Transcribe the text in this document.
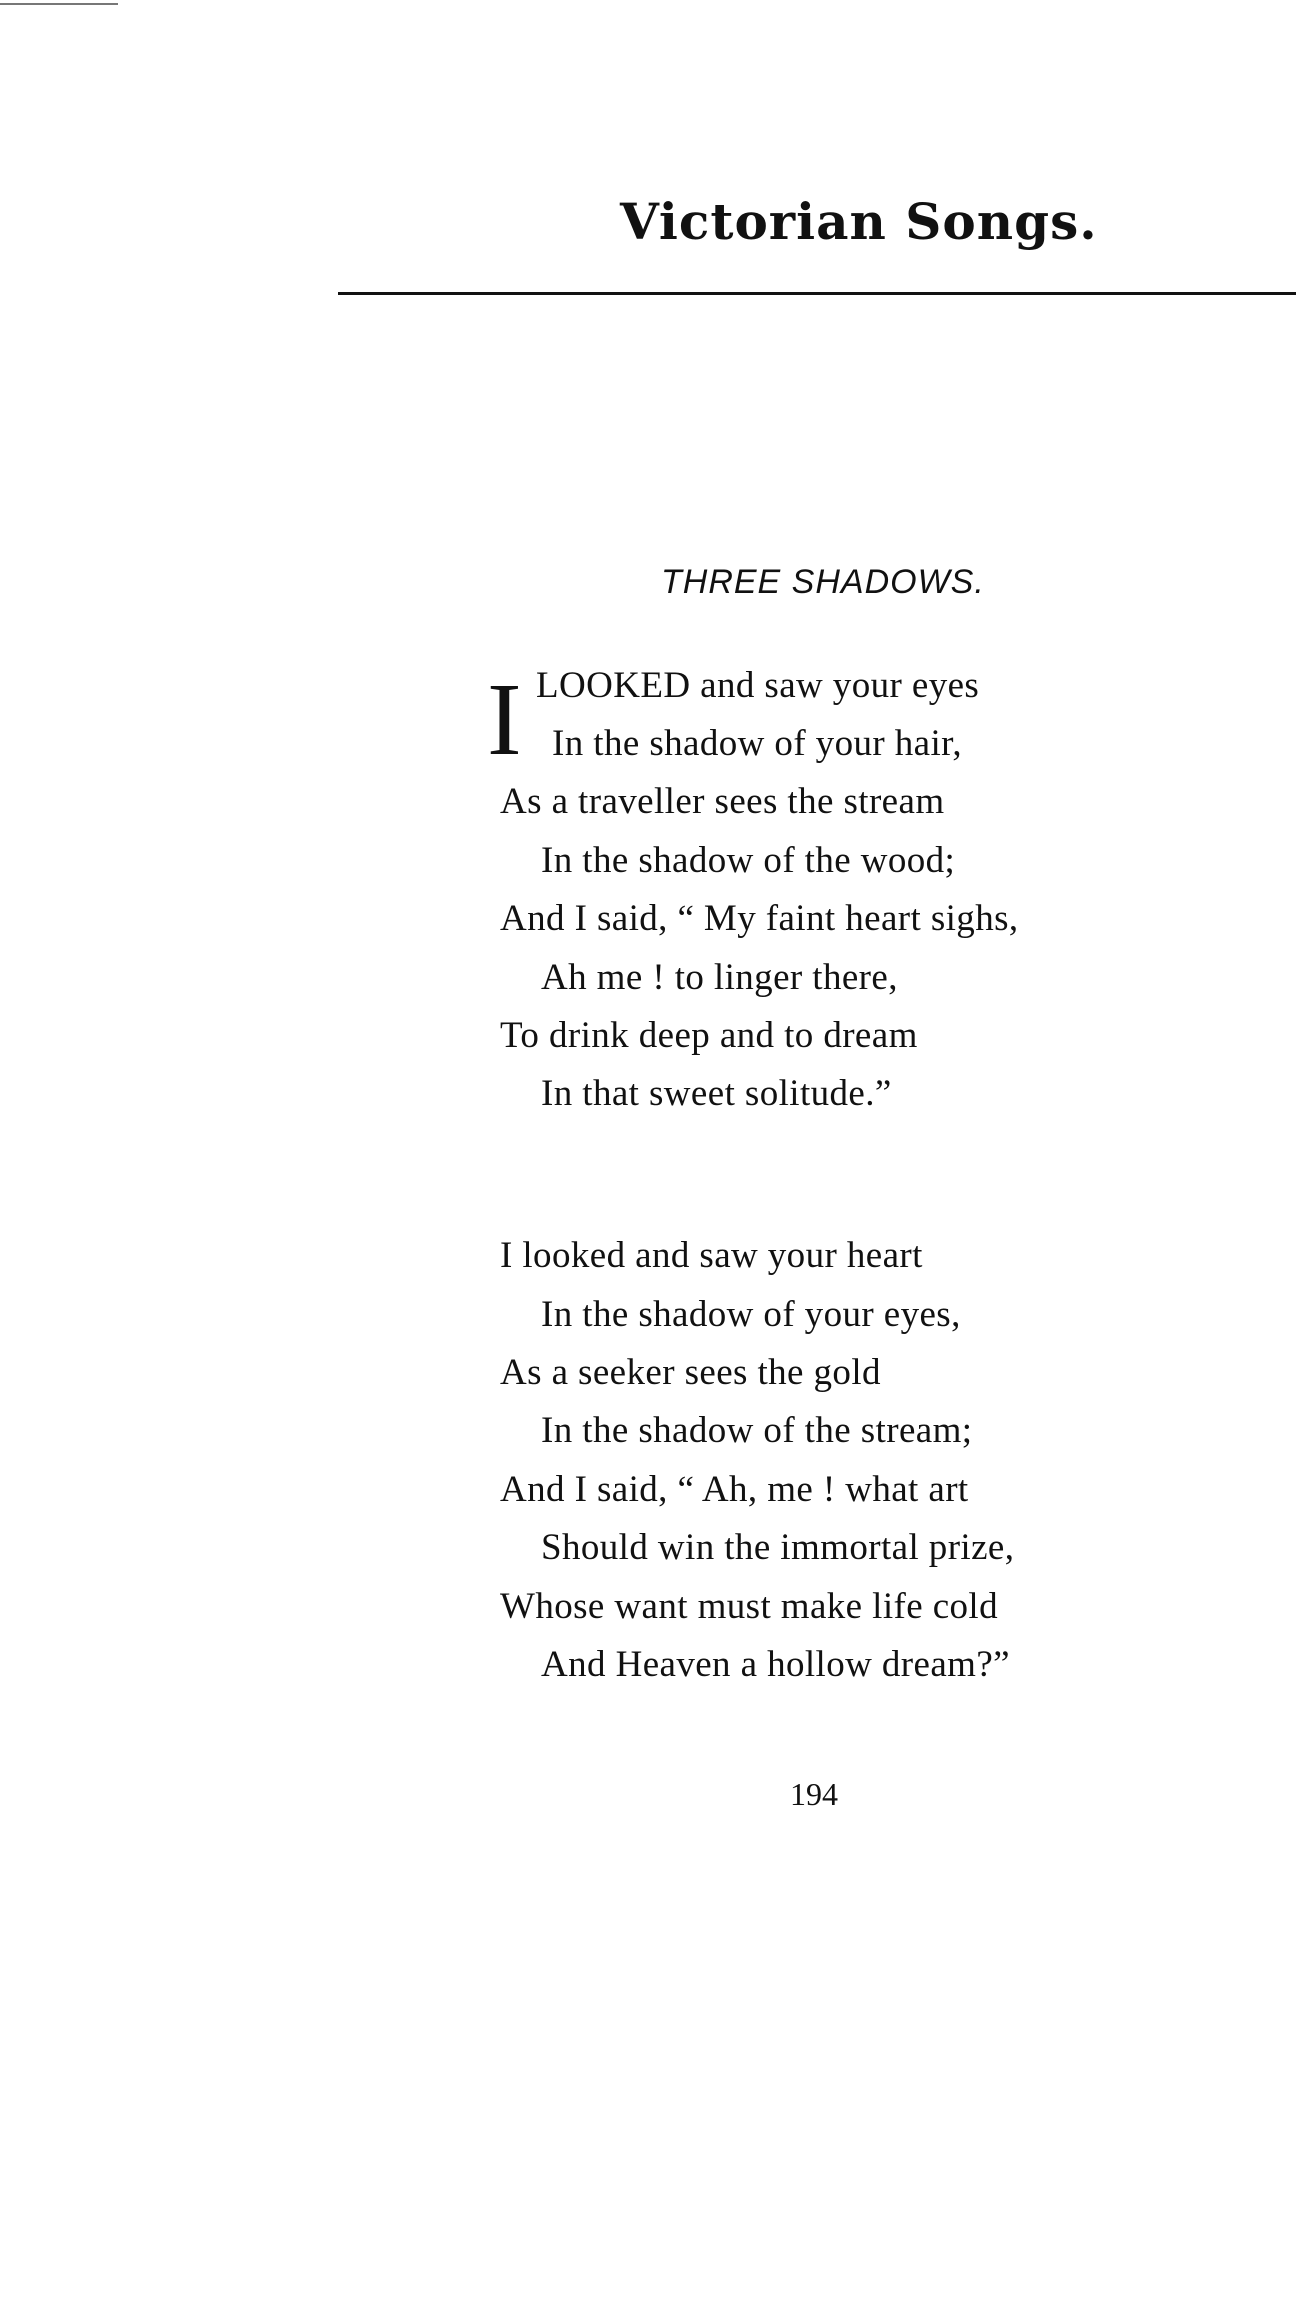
Victorian Songs.
THREE SHADOWS.
I LOOKED and saw your eyes
In the shadow of your hair,
As a traveller sees the stream
In the shadow of the wood;
And I said, “ My faint heart sighs,
Ah me ! to linger there,
To drink deep and to dream
In that sweet solitude.”
I looked and saw your heart
In the shadow of your eyes,
As a seeker sees the gold
In the shadow of the stream;
And I said, “ Ah, me ! what art
Should win the immortal prize,
Whose want must make life cold
And Heaven a hollow dream?”
194
